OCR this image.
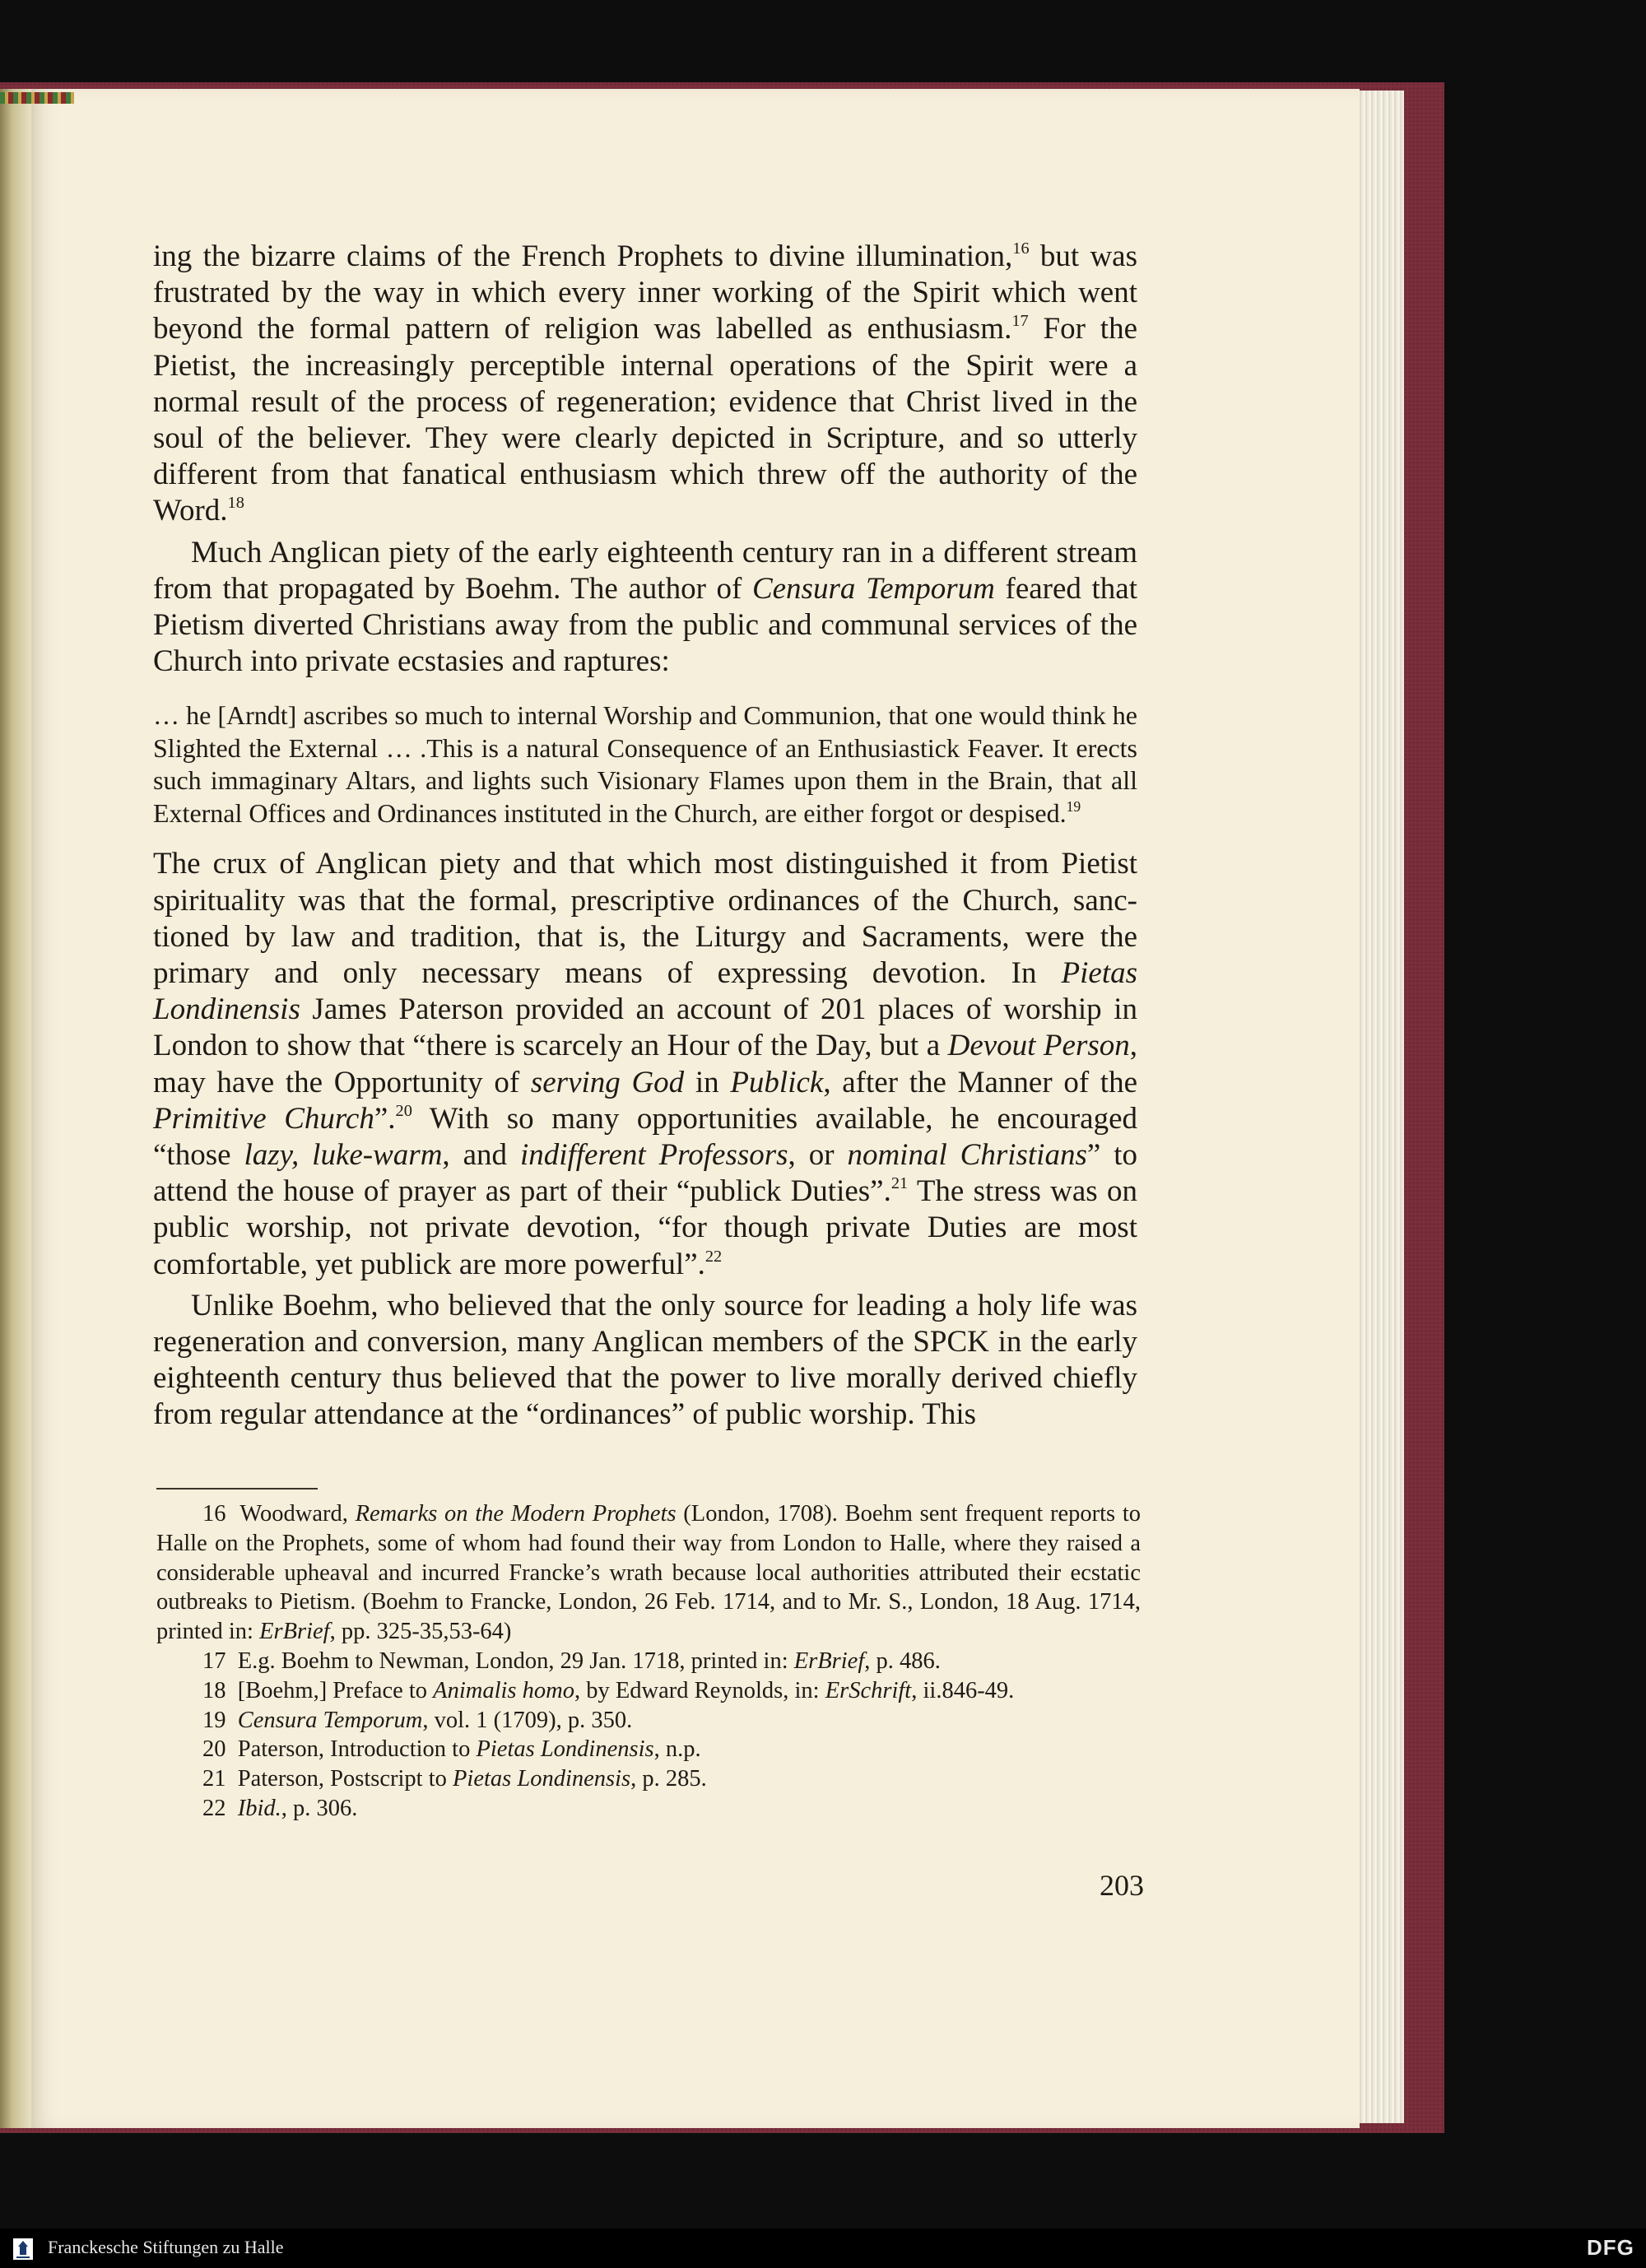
ing the bizarre claims of the French Prophets to divine illumination,$^{16}$ but was frustrated by the way in which every inner working of the Spirit which went beyond the formal pattern of religion was labelled as enthusiasm.$^{17}$ For the Pietist, the increasingly perceptible internal operations of the Spirit were a normal result of the process of regeneration; evidence that Christ lived in the soul of the believer. They were clearly depicted in Scripture, and so utterly different from that fanatical enthusiasm which threw off the authority of the Word.$^{18}$

Much Anglican piety of the early eighteenth century ran in a different stream from that propagated by Boehm. The author of Censura Temporum feared that Pietism diverted Christians away from the public and communal services of the Church into private ecstasies and raptures:

… he [Arndt] ascribes so much to internal Worship and Communion, that one would think he Slighted the External … .This is a natural Consequence of an Enthusiastick Feaver. It erects such immaginary Altars, and lights such Visionary Flames upon them in the Brain, that all External Offices and Ordinances instituted in the Church, are either forgot or despised.$^{19}$

The crux of Anglican piety and that which most distinguished it from Pietist spirituality was that the formal, prescriptive ordinances of the Church, sanctioned by law and tradition, that is, the Liturgy and Sacraments, were the primary and only necessary means of expressing devotion. In Pietas Londinensis James Paterson provided an account of 201 places of worship in London to show that “there is scarcely an Hour of the Day, but a Devout Person, may have the Opportunity of serving God in Publick, after the Manner of the Primitive Church”.$^{20}$ With so many opportunities available, he encouraged “those lazy, luke-warm, and indifferent Professors, or nominal Christians” to attend the house of prayer as part of their “publick Duties”.$^{21}$ The stress was on public worship, not private devotion, “for though private Duties are most comfortable, yet publick are more powerful”.$^{22}$

Unlike Boehm, who believed that the only source for leading a holy life was regeneration and conversion, many Anglican members of the SPCK in the early eighteenth century thus believed that the power to live morally derived chiefly from regular attendance at the “ordinances” of public worship. This

16 Woodward, Remarks on the Modern Prophets (London, 1708). Boehm sent frequent reports to Halle on the Prophets, some of whom had found their way from London to Halle, where they raised a considerable upheaval and incurred Francke’s wrath because local authorities attributed their ecstatic outbreaks to Pietism. (Boehm to Francke, London, 26 Feb. 1714, and to Mr. S., London, 18 Aug. 1714, printed in: ErBrief, pp. 325-35,53-64)

17 E.g. Boehm to Newman, London, 29 Jan. 1718, printed in: ErBrief, p. 486.

18 [Boehm,] Preface to Animalis homo, by Edward Reynolds, in: ErSchrift, ii.846-49.

19 Censura Temporum, vol. 1 (1709), p. 350.

20 Paterson, Introduction to Pietas Londinensis, n.p.

21 Paterson, Postscript to Pietas Londinensis, p. 285.

22 Ibid., p. 306.

203
Franckesche Stiftungen zu Halle	DFG
